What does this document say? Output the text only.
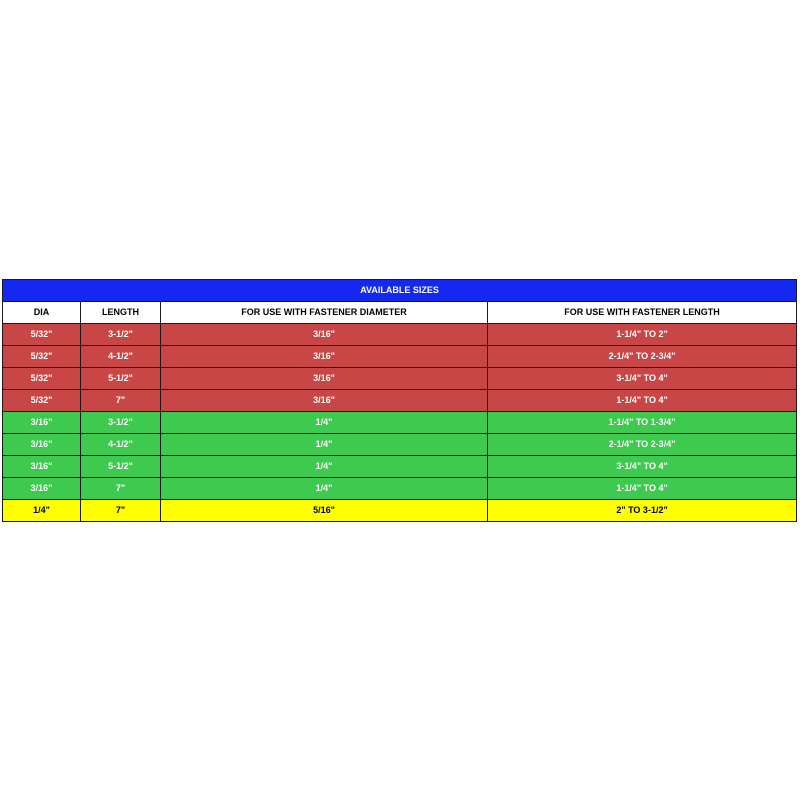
AVAILABLE SIZES			
DIA	LENGTH	FOR USE WITH FASTENER DIAMETER	FOR USE WITH FASTENER LENGTH
5/32"	3-1/2"	3/16"	1-1/4" TO 2"
5/32"	4-1/2"	3/16"	2-1/4" TO 2-3/4"
5/32"	5-1/2"	3/16"	3-1/4" TO 4"
5/32"	7"	3/16"	1-1/4" TO 4"
3/16"	3-1/2"	1/4"	1-1/4" TO 1-3/4"
3/16"	4-1/2"	1/4"	2-1/4" TO 2-3/4"
3/16"	5-1/2"	1/4"	3-1/4" TO 4"
3/16"	7"	1/4"	1-1/4" TO 4"
1/4"	7"	5/16"	2" TO 3-1/2"
